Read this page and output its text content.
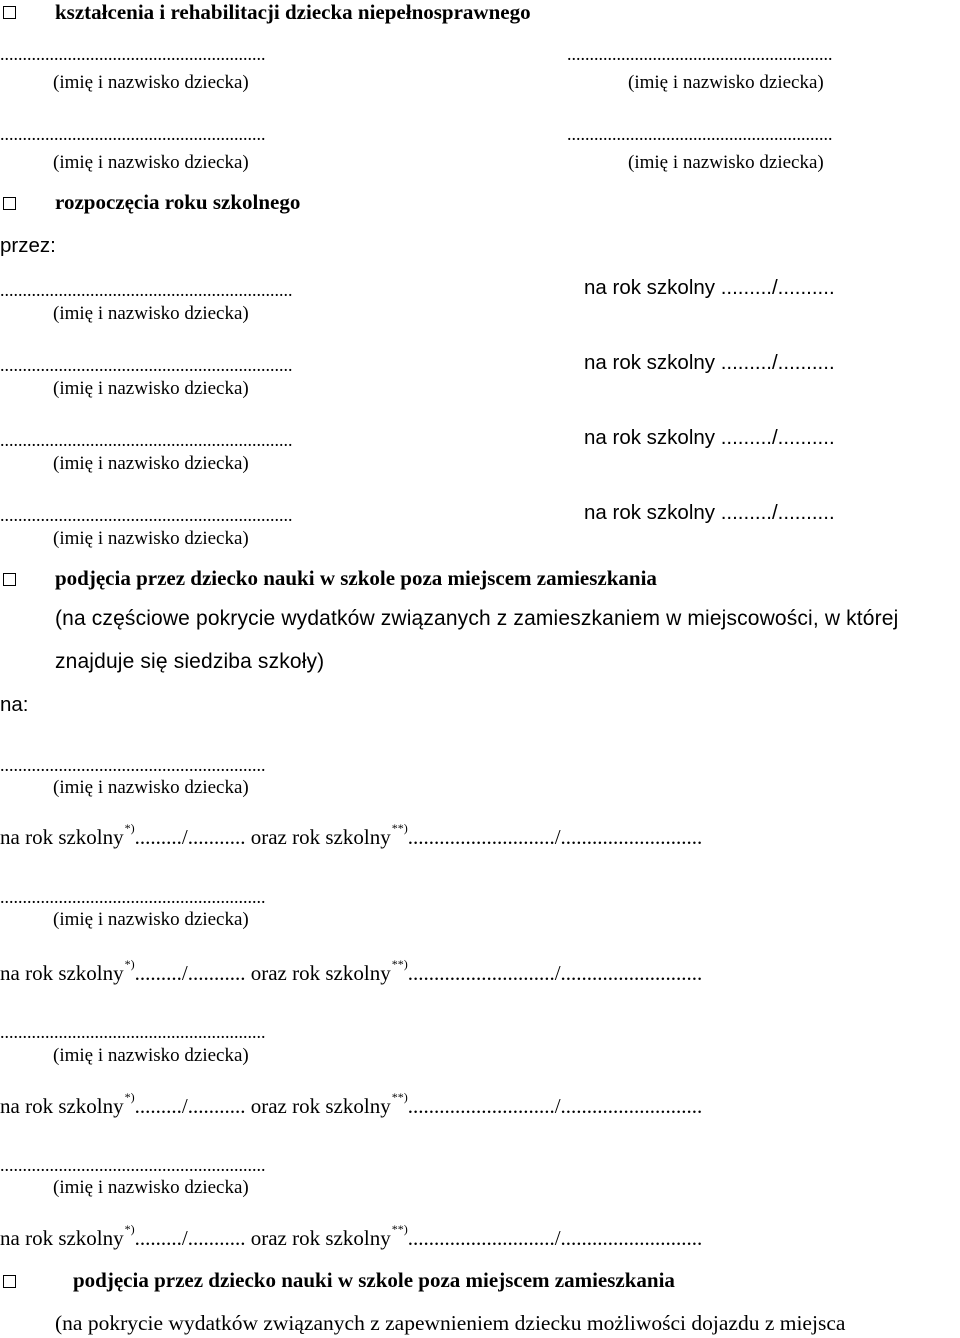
kształcenia i rehabilitacji dziecka niepełnosprawnego
...........................................................
(imię i nazwisko dziecka)
...........................................................
(imię i nazwisko dziecka)
...........................................................
(imię i nazwisko dziecka)
...........................................................
(imię i nazwisko dziecka)
rozpoczęcia roku szkolnego
przez:
.................................................................
(imię i nazwisko dziecka)
na rok szkolny ........./..........
.................................................................
(imię i nazwisko dziecka)
na rok szkolny ........./..........
.................................................................
(imię i nazwisko dziecka)
na rok szkolny ........./..........
.................................................................
(imię i nazwisko dziecka)
na rok szkolny ........./..........
podjęcia przez dziecko nauki w szkole poza miejscem zamieszkania
(na częściowe pokrycie wydatków związanych z zamieszkaniem w miejscowości, w której
znajduje się siedziba szkoły)
na:
...........................................................
(imię i nazwisko dziecka)
na rok szkolny*)........./........... oraz rok szkolny**)............................/...........................
...........................................................
(imię i nazwisko dziecka)
na rok szkolny*)........./........... oraz rok szkolny**)............................/...........................
...........................................................
(imię i nazwisko dziecka)
na rok szkolny*)........./........... oraz rok szkolny**)............................/...........................
...........................................................
(imię i nazwisko dziecka)
na rok szkolny*)........./........... oraz rok szkolny**)............................/...........................
podjęcia przez dziecko nauki w szkole poza miejscem zamieszkania
(na pokrycie wydatków związanych z zapewnieniem dziecku możliwości dojazdu z miejsca
